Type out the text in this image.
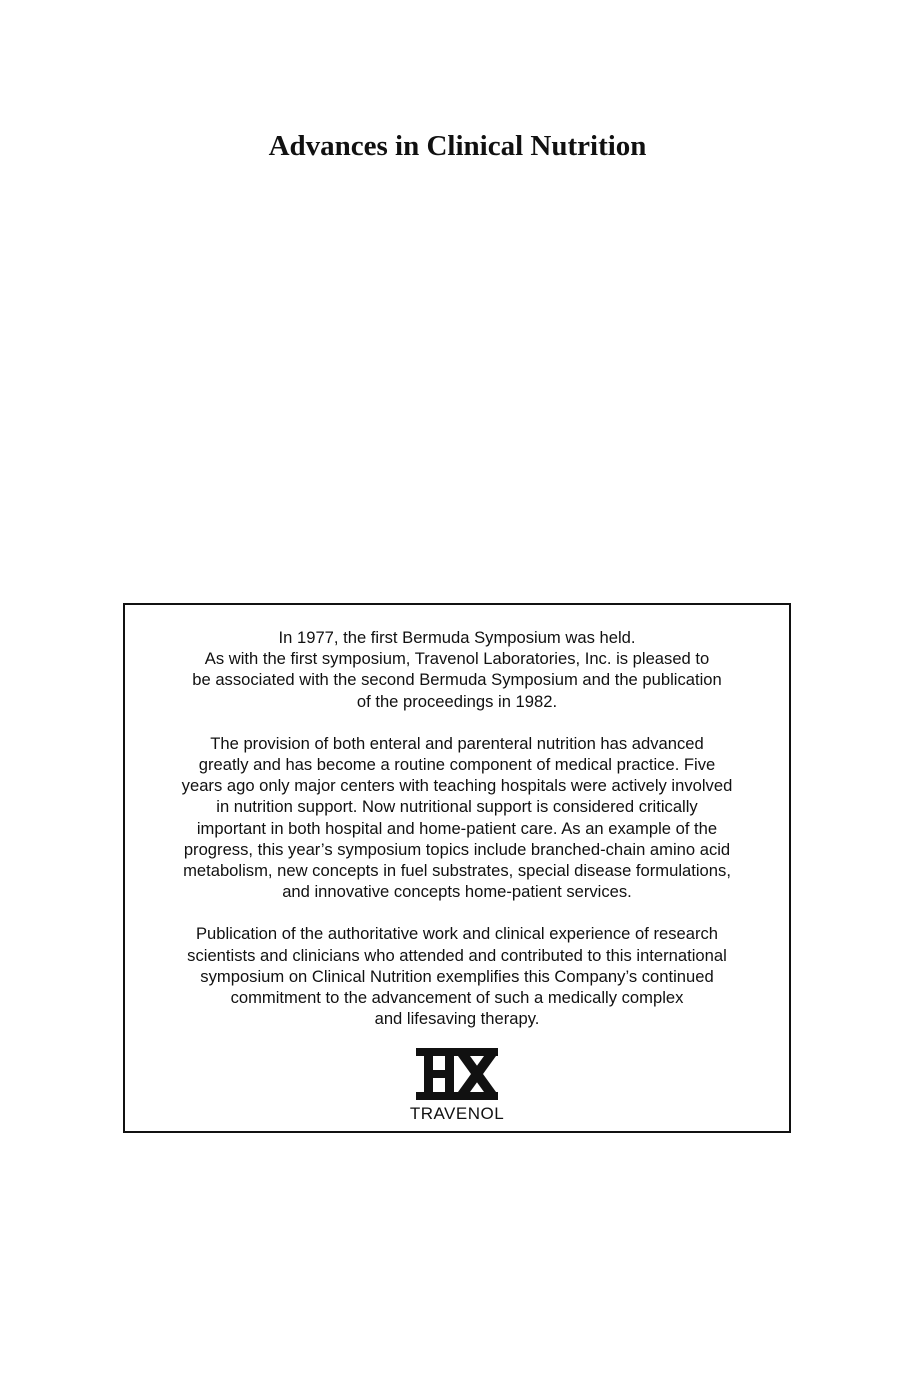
Advances in Clinical Nutrition

In 1977, the first Bermuda Symposium was held.
As with the first symposium, Travenol Laboratories, Inc. is pleased to
be associated with the second Bermuda Symposium and the publication
of the proceedings in 1982.

The provision of both enteral and parenteral nutrition has advanced
greatly and has become a routine component of medical practice. Five
years ago only major centers with teaching hospitals were actively involved
in nutrition support. Now nutritional support is considered critically
important in both hospital and home-patient care. As an example of the
progress, this year’s symposium topics include branched-chain amino acid
metabolism, new concepts in fuel substrates, special disease formulations,
and innovative concepts home-patient services.

Publication of the authoritative work and clinical experience of research
scientists and clinicians who attended and contributed to this international
symposium on Clinical Nutrition exemplifies this Company’s continued
commitment to the advancement of such a medically complex
and lifesaving therapy.

TRAVENOL
